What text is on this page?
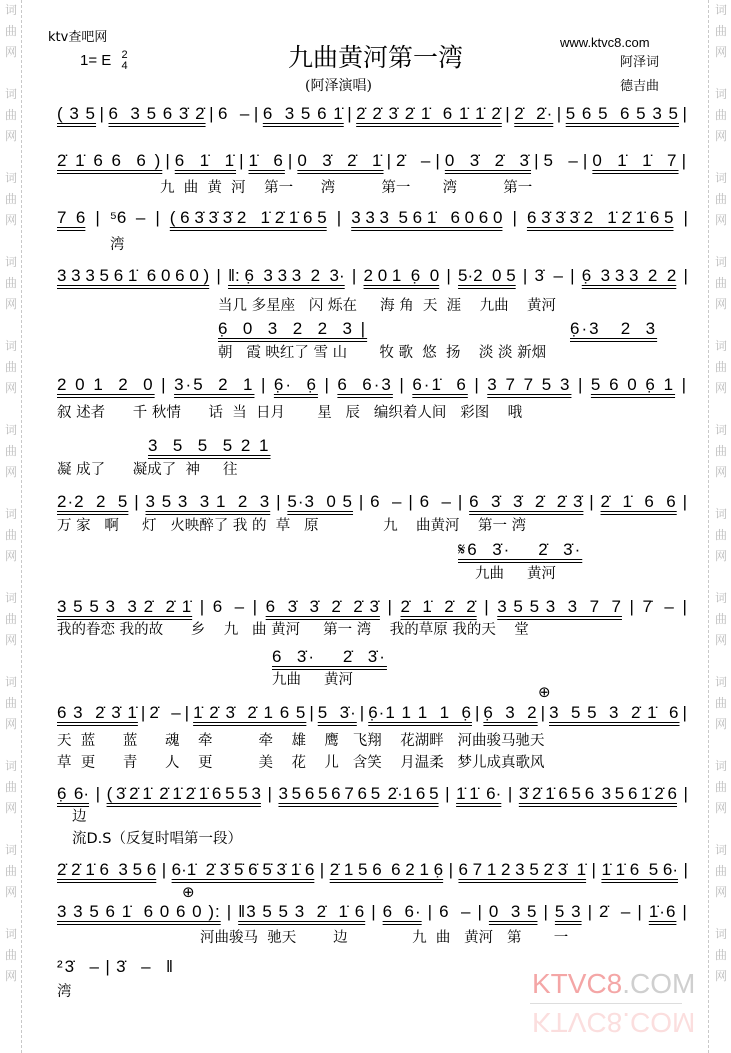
词
曲
网

词
曲
网

词
曲
网

词
曲
网

词
曲
网

词
曲
网

词
曲
网

词
曲
网

词
曲
网

词
曲
网

词
曲
网

词
曲
网

词
曲
网

词
曲
网

词
曲
网

词
曲
网

词
曲
网

词
曲
网

词
曲
网

词
曲
网

词
曲
网

词
曲
网

词
曲
网

词
曲
网

ktv查吧网
1= E 2
4	九曲黄河第一湾
(阿泽演唱)
www.ktvc8.com
阿泽词
德吉曲
⊕
⊕
( 3 5 | 6  3 5 6 3̇ 2̇ | 6  – | 6  3 5 6 1̇ | 2̇ 2̇ 3̇ 2̇ 1̇  6 1̇ 1̇ 2̇ | 2̇  2̇· | 5 6 5  6 5 3 5 |
2̇ 1̇ 6 6  6 ) | 6  1̇  1̇ | 1̇  6 | 0  3̇  2̇  1̇ | 2̇  – | 0  3̇  2̇  3̇ | 5  – | 0  1̇  1̇  7 |
九  曲  黄  河    第一      湾          第一       湾          第一
7  6 | ⁵6  – | ( 6 3̇ 3̇ 3̇ 2   1̇ 2̇ 1̇ 6 5 | 3 3 3  5 6 1̇   6 0 6 0 | 6 3̇ 3̇ 3̇ 2   1̇ 2̇ 1̇ 6 5 |
湾
3 3 3 5 6 1̇  6 0 6 0 ) | ‖: 6̣  3 3 3  2  3· | 2 0 1  6̣  0 | 5·2  0 5 | 3̇  – | 6̣  3 3 3  2  2 |
当几 多星座   闪 烁在     海 角  天  涯    九曲    黄河
6̣  0  3  2  2  3 |	6̣·3   2  3
朝   霞 映红了 雪 山       牧 歌  悠  扬    淡 淡 新烟
2 0 1  2  0 | 3·5  2  1 | 6̣·  6̣ | 6  6·3 | 6·1̇  6 | 3 7 7 5 3 | 5 6 0 6̣ 1 |
叙 述者      千 秋情      话  当  日月       星   辰   编织着人间   彩图    哦
3  5  5  5 2 1
凝 成了      凝成了  神     往
2·2  2  5 | 3 5 3  3 1  2  3 | 5·3  0 5 | 6  – | 6  – | 6  3̇  3̇  2̇  2̇ 3̇ | 2̇  1̇  6  6 |
万 家   啊     灯   火映醉了 我 的  草   原              九    曲黄河    第一 湾
𝄋6  3̇·    2̇  3̇·
九曲     黄河
3 5 5 3  3 2̇  2̇ 1̇ | 6  – | 6  3̇  3̇  2̇  2̇ 3̇ | 2̇  1̇  2̇  2̇ | 3 5 5 3  3  7  7 | 7̇  – |
我的眷恋 我的故      乡    九   曲 黄河     第一 湾    我的草原 我的天    堂
6  3̇·    2̇  3̇·
九曲     黄河
6 3  2̇ 3̇ 1̇ | 2̇  – | 1̇ 2̇ 3̇  2̇ 1 6 5 | 5  3̇· | 6̣·1 1 1  1  6̣ | 6̣  3  2 | 3  5 5  3  2̇ 1̇  6 |
天  蓝      蓝      魂    牵          牵    雄    鹰   飞翔    花湖畔   河曲骏马驰天
草  更      青      人    更          美    花    儿   含笑    月温柔   梦儿成真歌风
6̣  6· | ( 3̇ 2̇ 1̇  2̇ 1̇ 2̇ 1̇ 6 5 5 3 | 3 5 6 5 6 7 6 5  2̇·1 6 5 | 1̇ 1̇  6· | 3̇ 2̇ 1̇ 6 5 6  3 5 6 1̇ 2̇ 6 |
边
流D.S（反复时唱第一段）
2̇ 2̇ 1̇ 6  3 5 6 | 6·1̇  2̇ 3̇ 5̇ 6̇ 5̇ 3̇ 1̇ 6 | 2̇ 1 5 6  6 2 1 6̣ | 6 7 1 2 3 5 2̇ 3̇  1̇ | 1̇ 1̇ 6  5 6· |
3 3 5 6 1̇  6 0 6 0 ): | ‖3 5 5 3  2̇  1̇ 6 | 6  6· | 6  – | 0  3 5 | 5 3 | 2̇  – | 1̇·6 |
河曲骏马  驰天        边              九  曲   黄河   第       一
²3̇  – | 3̇  –  ‖
湾	KTVC8.COM
KTVC8.COM
